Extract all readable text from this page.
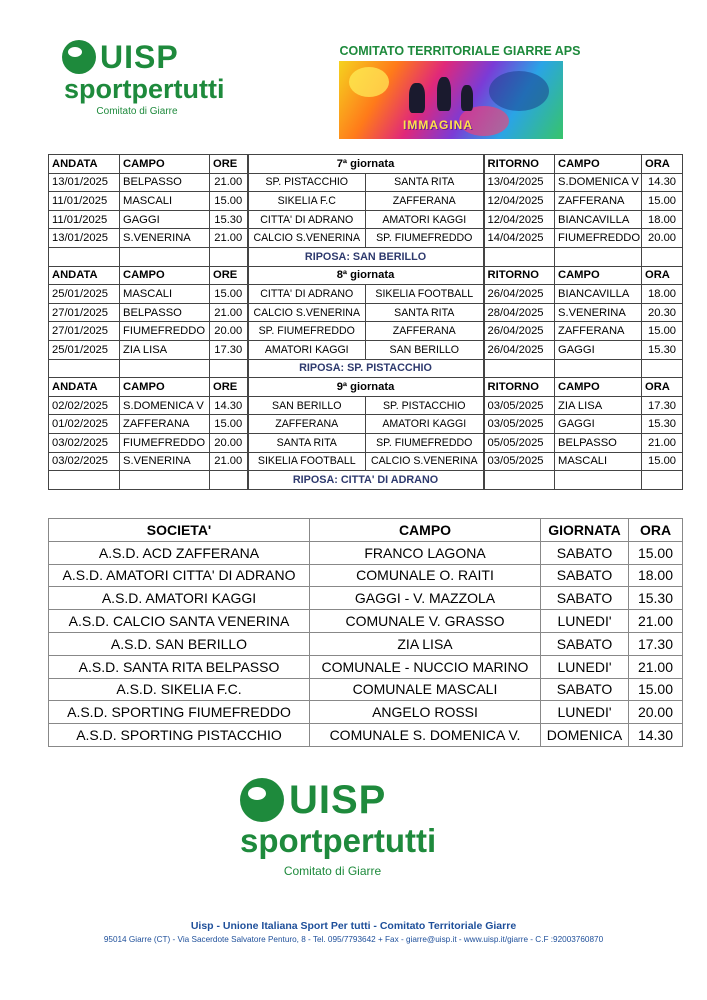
UISP
sportpertutti
Comitato di Giarre
COMITATO TERRITORIALE GIARRE APS
IMMAGINA
ANDATA	CAMPO	ORE	7ª giornata		RITORNO	CAMPO	ORA
13/01/2025	BELPASSO	21.00	SP. PISTACCHIO	SANTA RITA	13/04/2025	S.DOMENICA V	14.30
11/01/2025	MASCALI	15.00	SIKELIA F.C	ZAFFERANA	12/04/2025	ZAFFERANA	15.00
11/01/2025	GAGGI	15.30	CITTA' DI ADRANO	AMATORI KAGGI	12/04/2025	BIANCAVILLA	18.00
13/01/2025	S.VENERINA	21.00	CALCIO S.VENERINA	SP. FIUMEFREDDO	14/04/2025	FIUMEFREDDO	20.00
			RIPOSA: SAN BERILLO				
ANDATA	CAMPO	ORE	8ª giornata		RITORNO	CAMPO	ORA
25/01/2025	MASCALI	15.00	CITTA' DI ADRANO	SIKELIA FOOTBALL	26/04/2025	BIANCAVILLA	18.00
27/01/2025	BELPASSO	21.00	CALCIO S.VENERINA	SANTA RITA	28/04/2025	S.VENERINA	20.30
27/01/2025	FIUMEFREDDO	20.00	SP. FIUMEFREDDO	ZAFFERANA	26/04/2025	ZAFFERANA	15.00
25/01/2025	ZIA LISA	17.30	AMATORI KAGGI	SAN BERILLO	26/04/2025	GAGGI	15.30
			RIPOSA: SP. PISTACCHIO				
ANDATA	CAMPO	ORE	9ª giornata		RITORNO	CAMPO	ORA
02/02/2025	S.DOMENICA V	14.30	SAN BERILLO	SP. PISTACCHIO	03/05/2025	ZIA LISA	17.30
01/02/2025	ZAFFERANA	15.00	ZAFFERANA	AMATORI KAGGI	03/05/2025	GAGGI	15.30
03/02/2025	FIUMEFREDDO	20.00	SANTA RITA	SP. FIUMEFREDDO	05/05/2025	BELPASSO	21.00
03/02/2025	S.VENERINA	21.00	SIKELIA FOOTBALL	CALCIO S.VENERINA	03/05/2025	MASCALI	15.00
			RIPOSA: CITTA' DI ADRANO				
SOCIETA'	CAMPO	GIORNATA	ORA
A.S.D. ACD ZAFFERANA	FRANCO LAGONA	SABATO	15.00
A.S.D. AMATORI CITTA' DI ADRANO	COMUNALE O. RAITI	SABATO	18.00
A.S.D. AMATORI KAGGI	GAGGI - V. MAZZOLA	SABATO	15.30
A.S.D. CALCIO SANTA VENERINA	COMUNALE V. GRASSO	LUNEDI'	21.00
A.S.D. SAN BERILLO	ZIA LISA	SABATO	17.30
A.S.D. SANTA RITA BELPASSO	COMUNALE - NUCCIO MARINO	LUNEDI'	21.00
A.S.D. SIKELIA F.C.	COMUNALE MASCALI	SABATO	15.00
A.S.D. SPORTING FIUMEFREDDO	ANGELO ROSSI	LUNEDI'	20.00
A.S.D. SPORTING PISTACCHIO	COMUNALE S. DOMENICA V.	DOMENICA	14.30
UISP
sportpertutti
Comitato di Giarre
Uisp - Unione Italiana Sport Per tutti - Comitato Territoriale Giarre
95014 Giarre (CT) - Via Sacerdote Salvatore Penturo, 8 - Tel. 095/7793642 + Fax - giarre@uisp.it - www.uisp.it/giarre - C.F :92003760870
